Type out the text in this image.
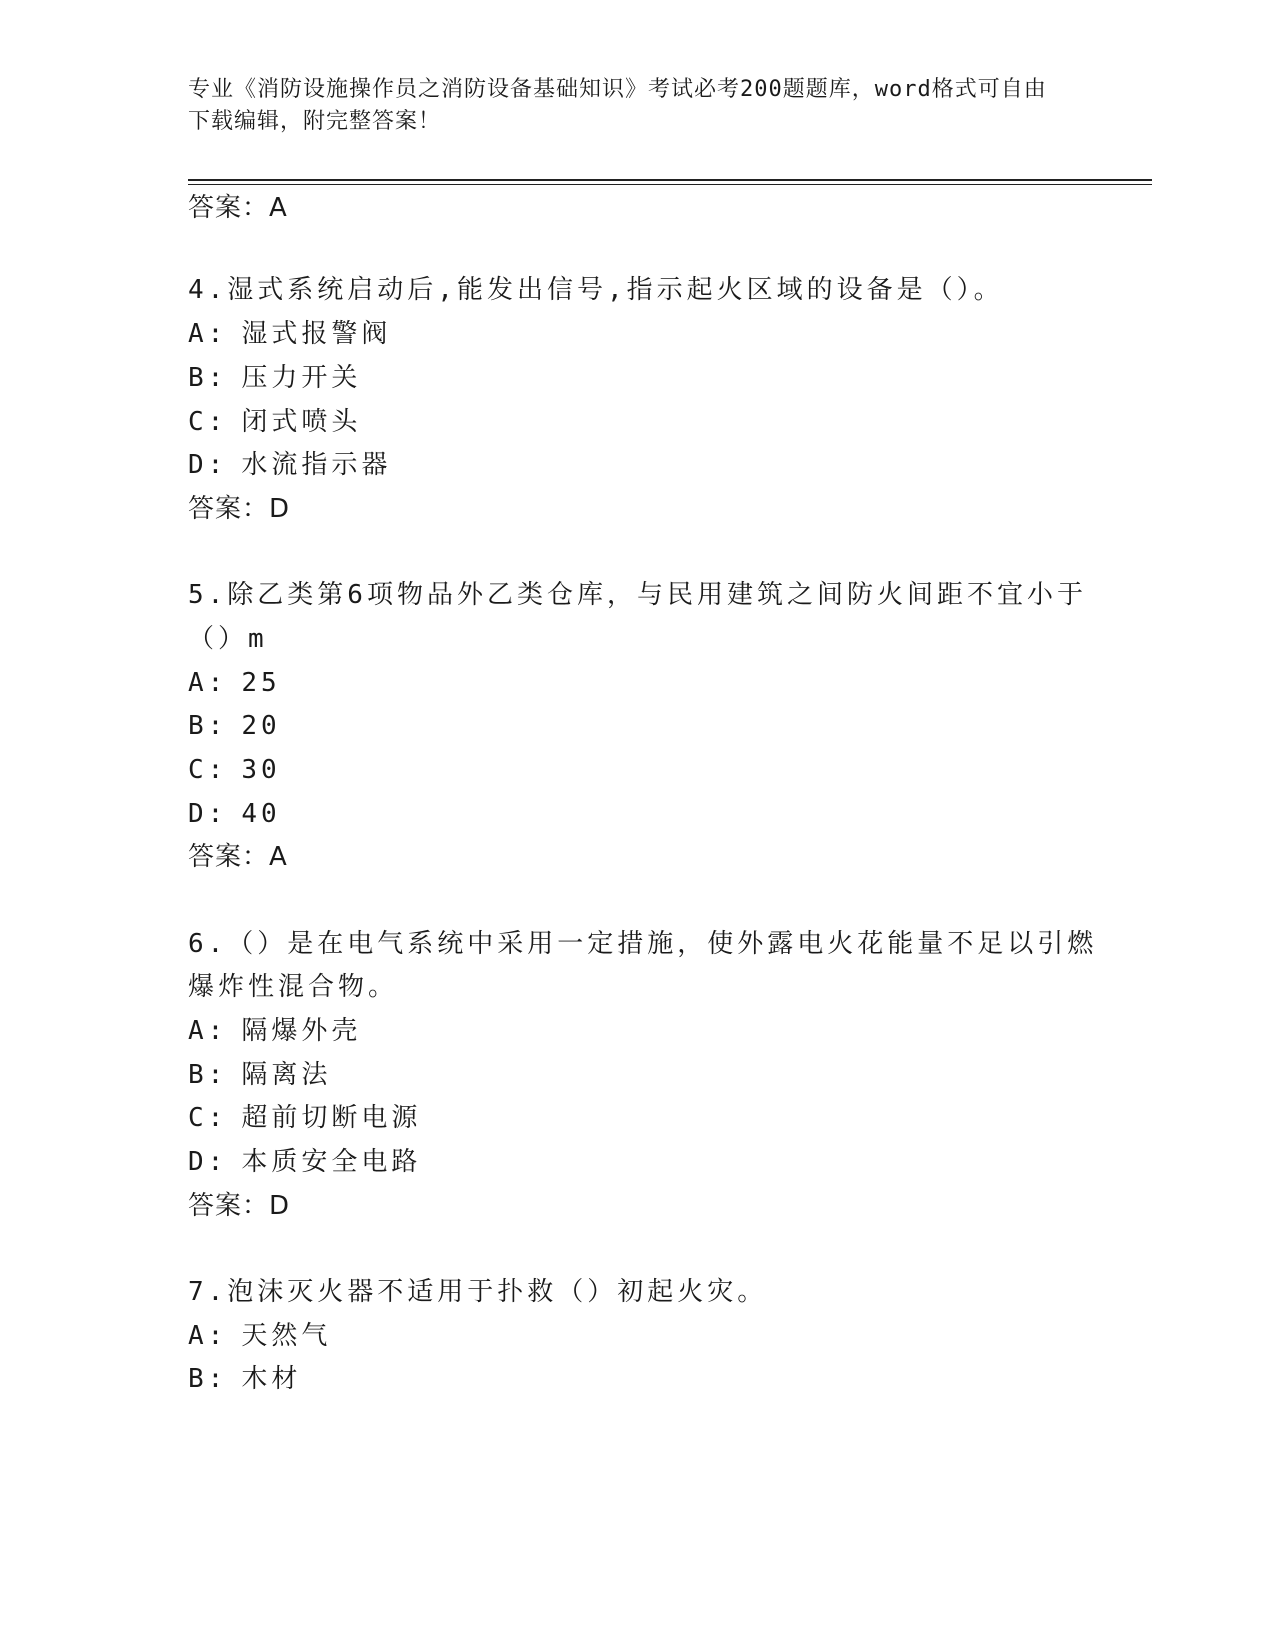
专业《消防设施操作员之消防设备基础知识》考试必考200题题库，word格式可自由下载编辑，附完整答案！
答案：A
4.湿式系统启动后,能发出信号,指示起火区域的设备是（）。
A: 湿式报警阀
B: 压力开关
C: 闭式喷头
D: 水流指示器
答案：D
5.除乙类第6项物品外乙类仓库，与民用建筑之间防火间距不宜小于
（）m
A: 25
B: 20
C: 30
D: 40
答案：A
6.（）是在电气系统中采用一定措施，使外露电火花能量不足以引燃
爆炸性混合物。
A: 隔爆外壳
B: 隔离法
C: 超前切断电源
D: 本质安全电路
答案：D
7.泡沫灭火器不适用于扑救（）初起火灾。
A: 天然气
B: 木材
